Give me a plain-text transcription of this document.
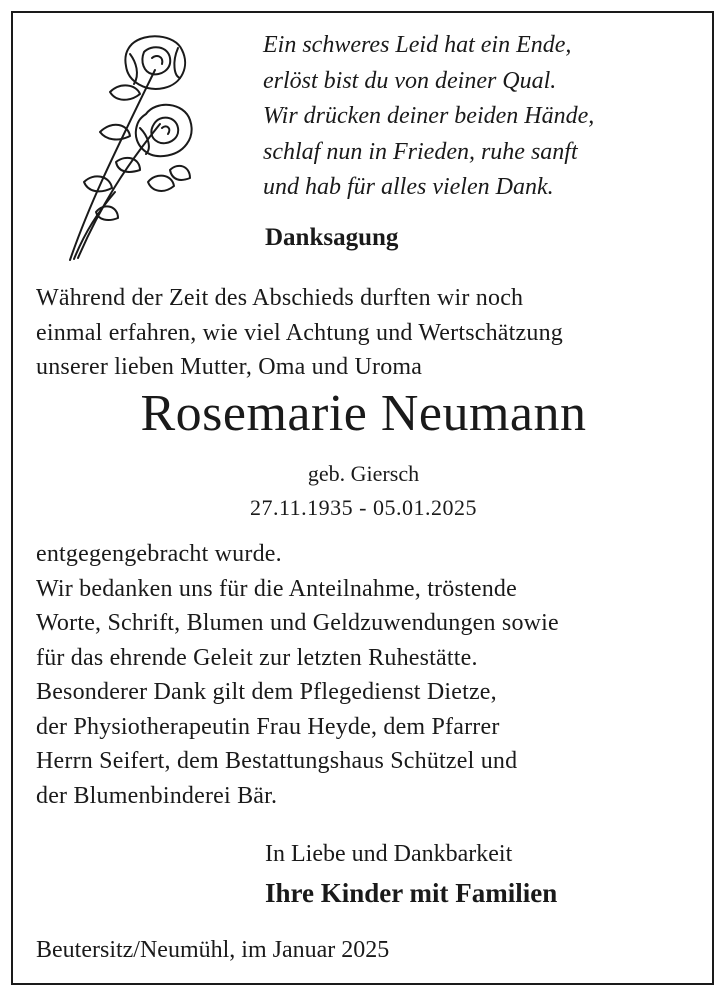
Ein schweres Leid hat ein Ende,
erlöst bist du von deiner Qual.
Wir drücken deiner beiden Hände,
schlaf nun in Frieden, ruhe sanft
und hab für alles vielen Dank.
Danksagung
Während der Zeit des Abschieds durften wir noch
einmal erfahren, wie viel Achtung und Wertschätzung
unserer lieben Mutter, Oma und Uroma
Rosemarie Neumann
geb. Giersch
27.11.1935 - 05.01.2025
entgegengebracht wurde.
Wir bedanken uns für die Anteilnahme, tröstende
Worte, Schrift, Blumen und Geldzuwendungen sowie
für das ehrende Geleit zur letzten Ruhestätte.
Besonderer Dank gilt dem Pflegedienst Dietze,
der Physiotherapeutin Frau Heyde, dem Pfarrer
Herrn Seifert, dem Bestattungshaus Schützel und
der Blumenbinderei Bär.
In Liebe und Dankbarkeit
Ihre Kinder mit Familien
Beutersitz/Neumühl, im Januar 2025
